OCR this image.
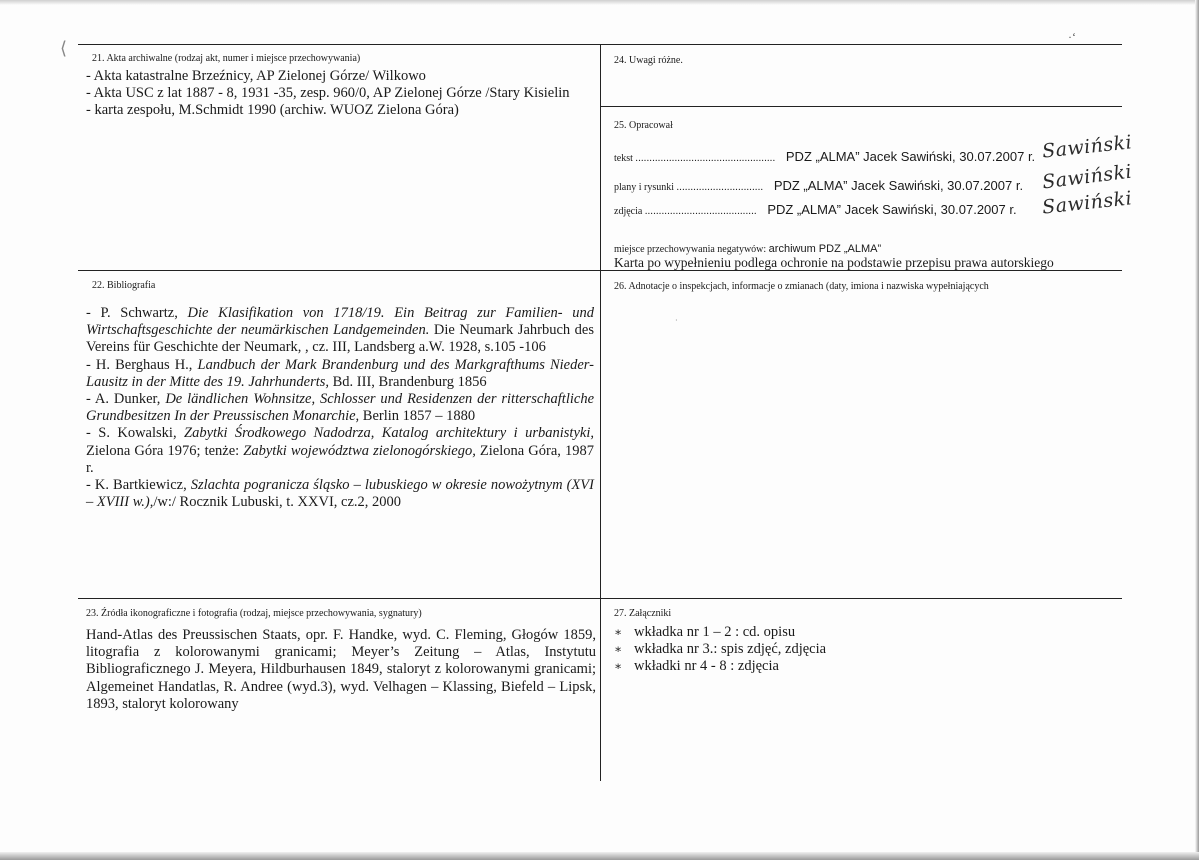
⟨
·‘
21. Akta archiwalne (rodzaj akt, numer i miejsce przechowywania)
- Akta katastralne Brzeźnicy, AP Zielonej Górze/ Wilkowo
- Akta USC z lat 1887 - 8, 1931 -35, zesp. 960/0, AP Zielonej Górze /Stary Kisielin
- karta zespołu, M.Schmidt 1990 (archiw. WUOZ Zielona Góra)
24. Uwagi różne.
25. Opracował
tekst .................................................. PDZ „ALMA” Jacek Sawiński, 30.07.2007 r.
plany i rysunki ............................... PDZ „ALMA” Jacek Sawiński, 30.07.2007 r.
zdjęcia ........................................ PDZ „ALMA” Jacek Sawiński, 30.07.2007 r.
Sawiński
Sawiński
Sawiński
miejsce przechowywania negatywów: archiwum PDZ „ALMA”
Karta po wypełnieniu podlega ochronie na podstawie przepisu prawa autorskiego
22. Bibliografia
- P. Schwartz, Die Klasifikation von 1718/19. Ein Beitrag zur Familien- und Wirtschaftsgeschichte der neumärkischen Landgemeinden. Die Neumark Jahrbuch des Vereins für Geschichte der Neumark, , cz. III, Landsberg a.W. 1928, s.105 -106
- H. Berghaus H., Landbuch der Mark Brandenburg und des Markgrafthums Nieder-Lausitz in der Mitte des 19. Jahrhunderts, Bd. III, Brandenburg 1856
- A. Dunker, De ländlichen Wohnsitze, Schlosser und Residenzen der ritterschaftliche Grundbesitzen In der Preussischen Monarchie, Berlin 1857 – 1880
- S. Kowalski, Zabytki Środkowego Nadodrza, Katalog architektury i urbanistyki, Zielona Góra 1976; tenże: Zabytki województwa zielonogórskiego, Zielona Góra, 1987 r.
- K. Bartkiewicz, Szlachta pogranicza śląsko – lubuskiego w okresie nowożytnym (XVI – XVIII w.),/w:/ Rocznik Lubuski, t. XXVI, cz.2, 2000
26. Adnotacje o inspekcjach, informacje o zmianach (daty, imiona i nazwiska wypełniających
·
23. Źródła ikonograficzne i fotografia (rodzaj, miejsce przechowywania, sygnatury)
Hand-Atlas des Preussischen Staats, opr. F. Handke, wyd. C. Fleming, Głogów 1859, litografia z kolorowanymi granicami; Meyer’s Zeitung – Atlas, Instytutu Bibliograficznego J. Meyera, Hildburhausen 1849, staloryt z kolorowanymi granicami; Algemeinet Handatlas, R. Andree (wyd.3), wyd. Velhagen – Klassing, Biefeld – Lipsk, 1893, staloryt kolorowany
27. Załączniki
∗ wkładka nr 1 – 2 : cd. opisu
∗ wkładka nr 3.: spis zdjęć, zdjęcia
∗ wkładki nr 4 - 8 : zdjęcia
